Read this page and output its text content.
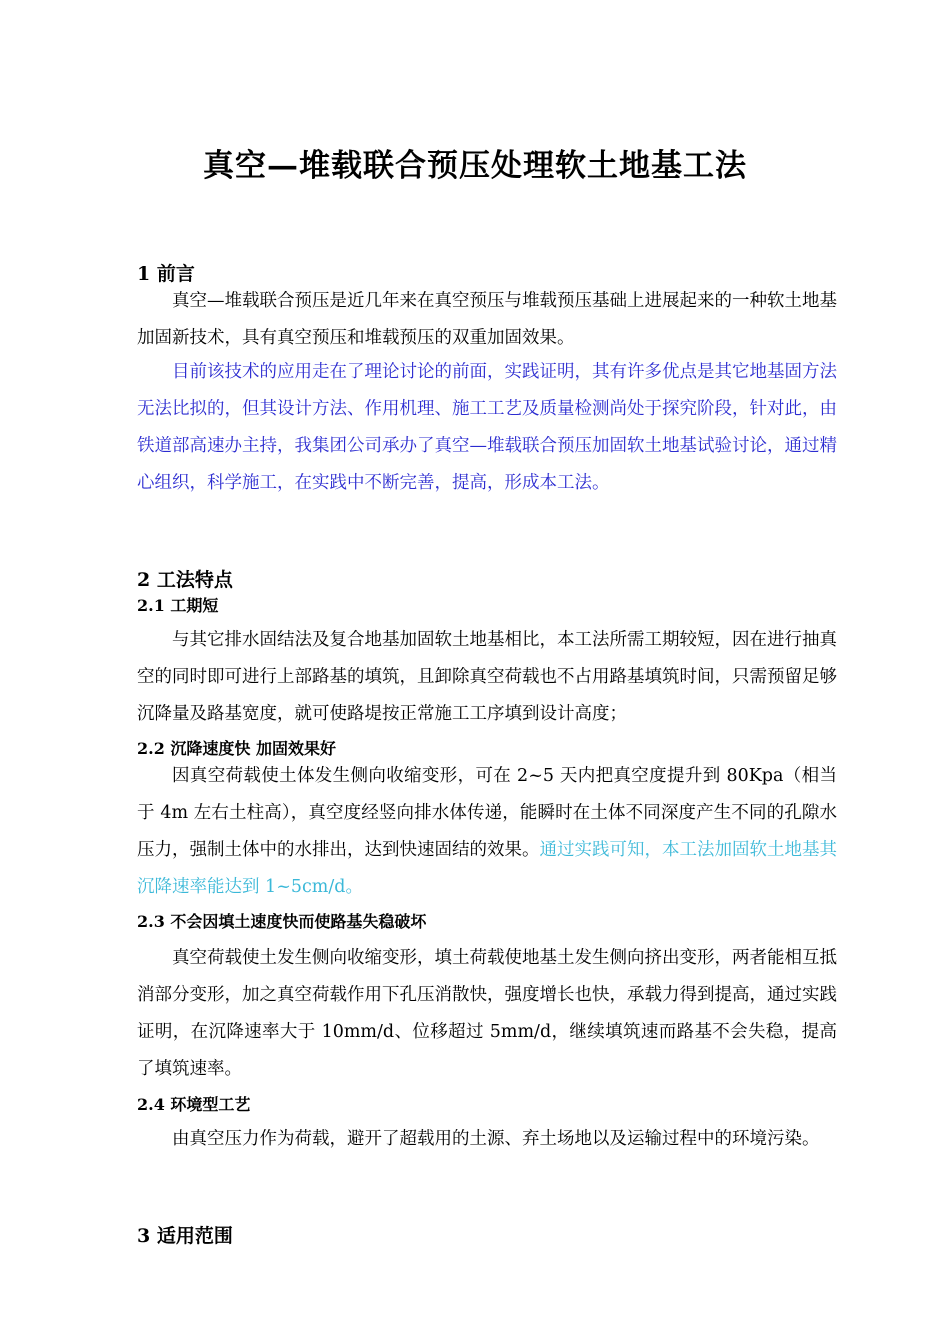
真空—堆载联合预压处理软土地基工法
1 前言

真空—堆载联合预压是近几年来在真空预压与堆载预压基础上进展起来的一种软土地基加固新技术，具有真空预压和堆载预压的双重加固效果。

目前该技术的应用走在了理论讨论的前面，实践证明，其有许多优点是其它地基固方法无法比拟的，但其设计方法、作用机理、施工工艺及质量检测尚处于探究阶段，针对此，由铁道部高速办主持，我集团公司承办了真空—堆载联合预压加固软土地基试验讨论，通过精心组织，科学施工，在实践中不断完善，提高，形成本工法。

2 工法特点
2.1 工期短

与其它排水固结法及复合地基加固软土地基相比，本工法所需工期较短，因在进行抽真空的同时即可进行上部路基的填筑，且卸除真空荷载也不占用路基填筑时间，只需预留足够沉降量及路基宽度，就可使路堤按正常施工工序填到设计高度；

2.2 沉降速度快 加固效果好

因真空荷载使土体发生侧向收缩变形，可在 2~5 天内把真空度提升到 80Kpa（相当于 4m 左右土柱高），真空度经竖向排水体传递，能瞬时在土体不同深度产生不同的孔隙水压力，强制土体中的水排出，达到快速固结的效果。通过实践可知，本工法加固软土地基其沉降速率能达到 1~5cm/d。

2.3 不会因填土速度快而使路基失稳破坏

真空荷载使土发生侧向收缩变形，填土荷载使地基土发生侧向挤出变形，两者能相互抵消部分变形，加之真空荷载作用下孔压消散快，强度增长也快，承载力得到提高，通过实践证明，在沉降速率大于 10mm/d、位移超过 5mm/d，继续填筑速而路基不会失稳，提高了填筑速率。

2.4 环境型工艺

由真空压力作为荷载，避开了超载用的土源、弃土场地以及运输过程中的环境污染。

3 适用范围
